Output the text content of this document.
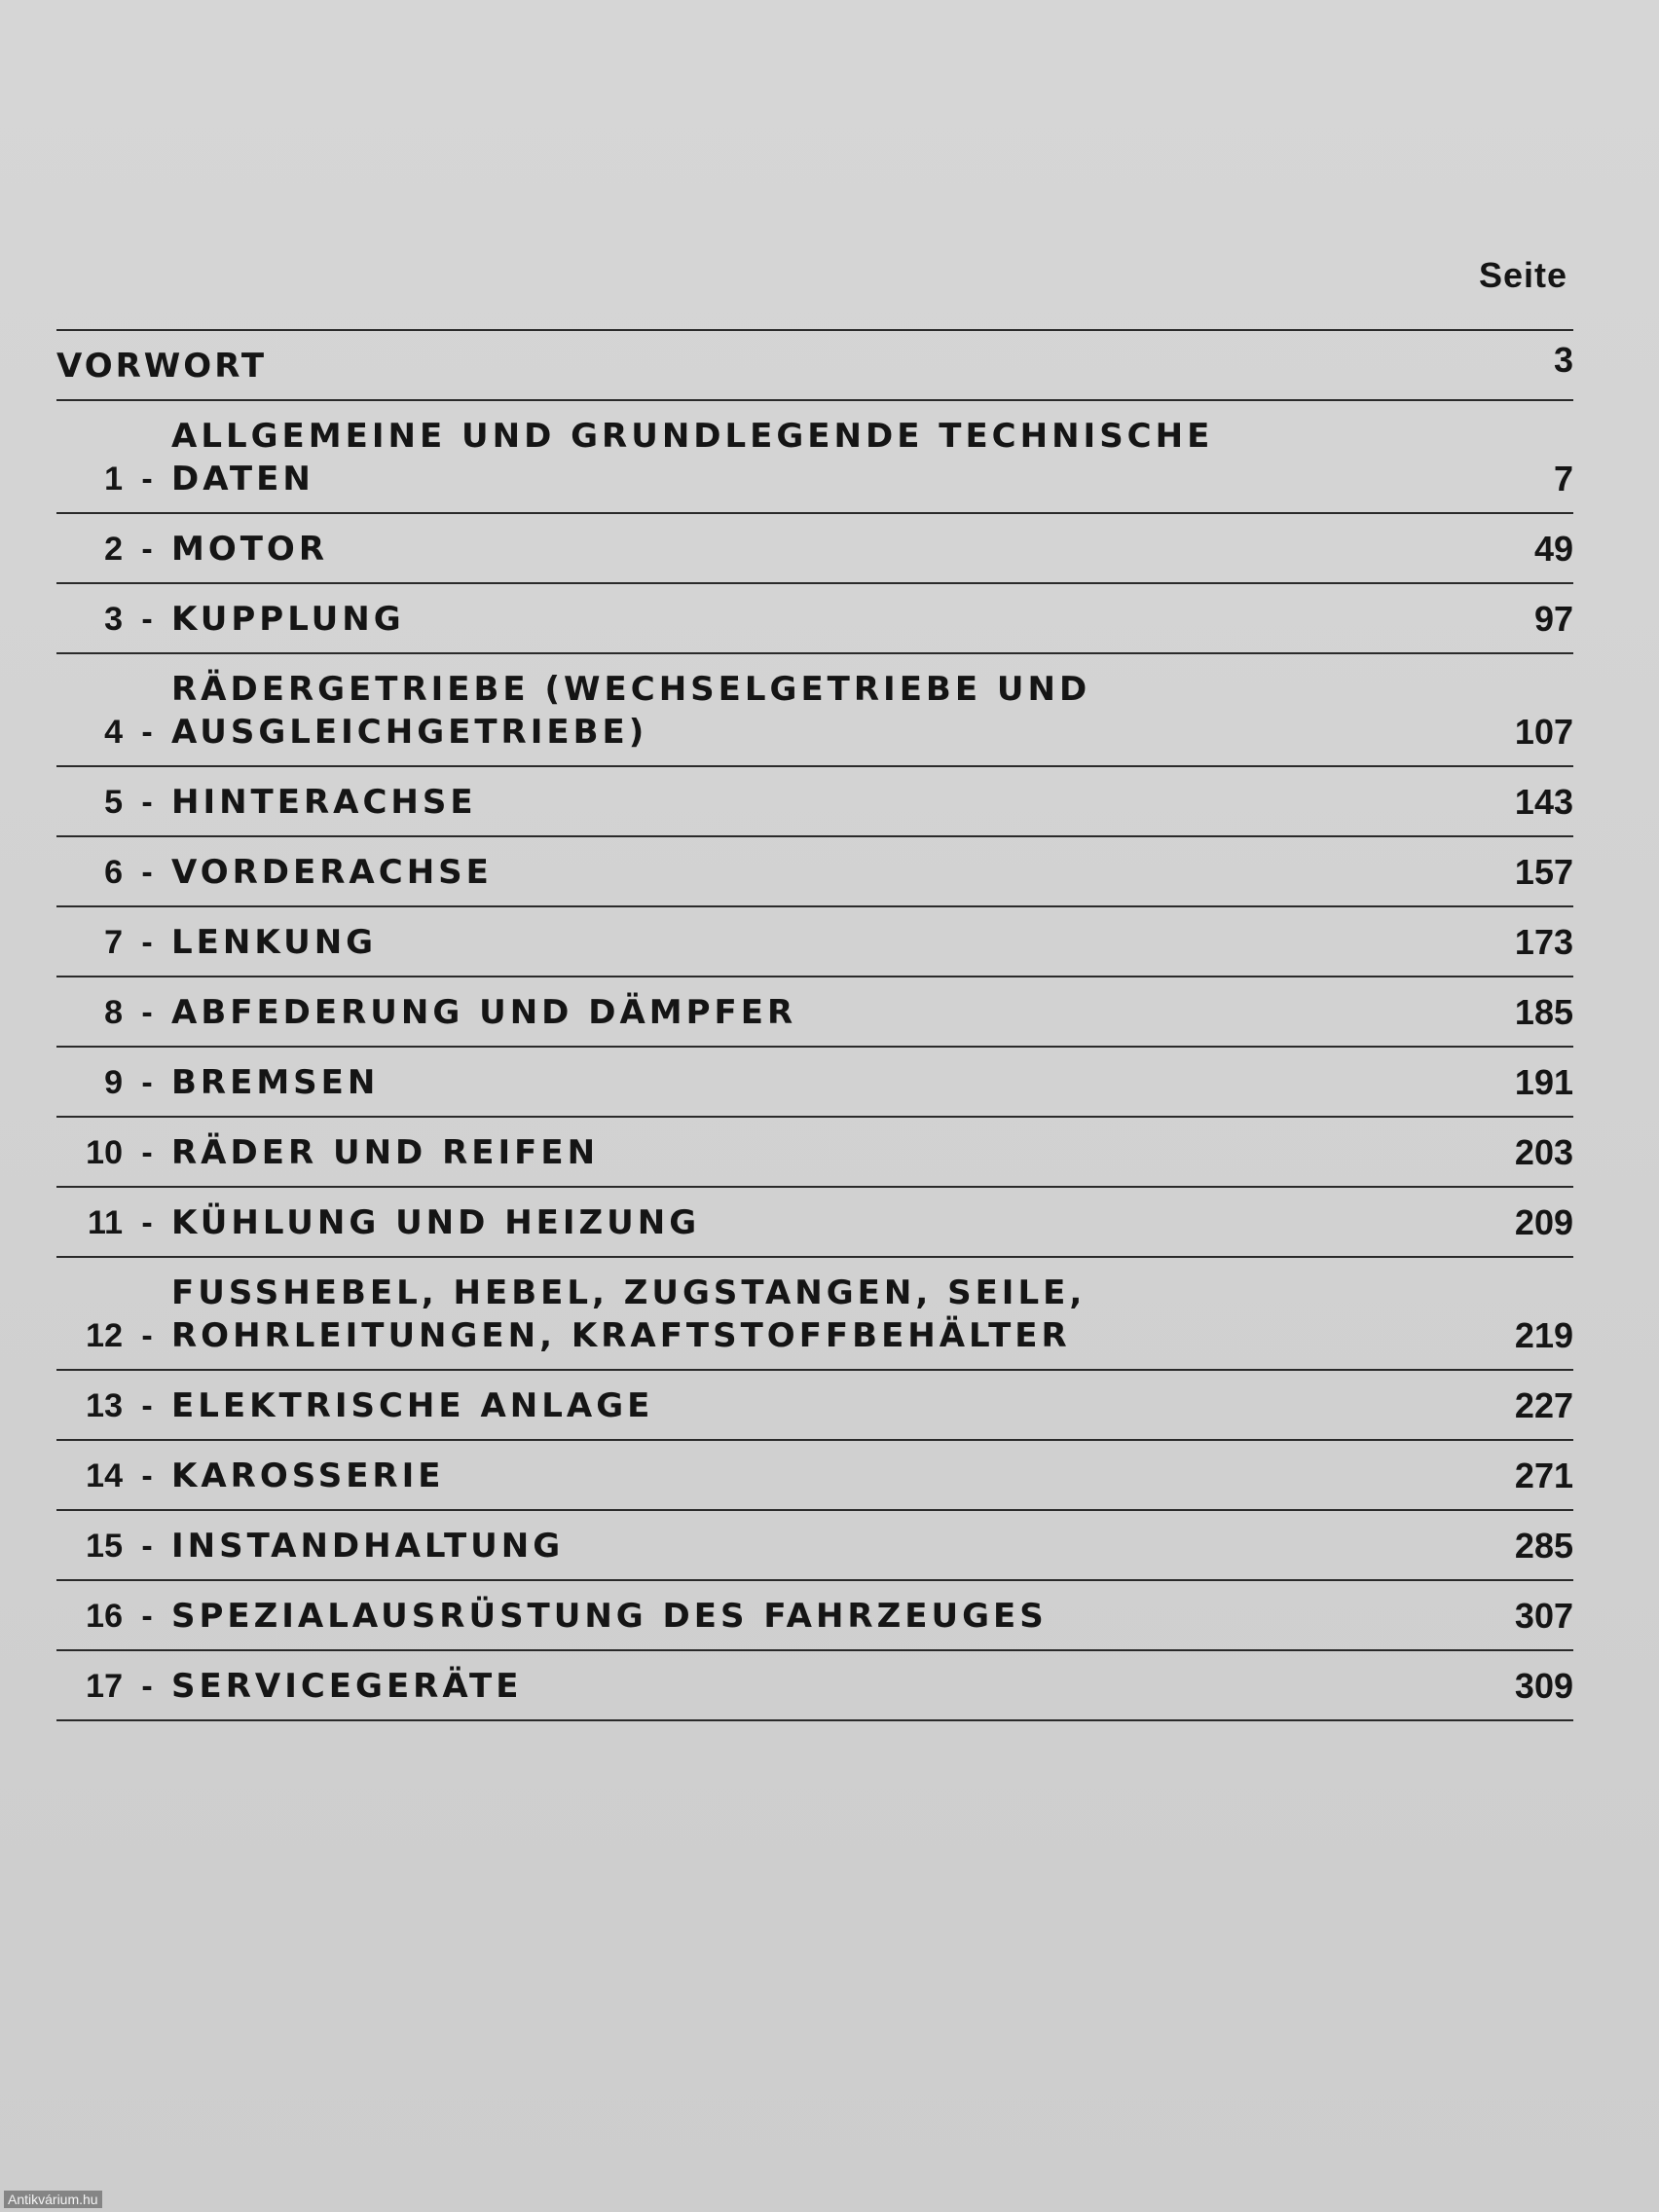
Seite
VORWORT	3
1 -
ALLGEMEINE UND GRUNDLEGENDE TECHNISCHE
DATEN	7
2 - MOTOR	49
3 - KUPPLUNG	97
4 -
RÄDERGETRIEBE (WECHSELGETRIEBE UND
AUSGLEICHGETRIEBE)	107
5 - HINTERACHSE	143
6 - VORDERACHSE	157
7 - LENKUNG	173
8 - ABFEDERUNG UND DÄMPFER	185
9 - BREMSEN	191
10 - RÄDER UND REIFEN	203
11 - KÜHLUNG UND HEIZUNG	209
12 -
FUSSHEBEL, HEBEL, ZUGSTANGEN, SEILE,
ROHRLEITUNGEN, KRAFTSTOFFBEHÄLTER	219
13 - ELEKTRISCHE ANLAGE	227
14 - KAROSSERIE	271
15 - INSTANDHALTUNG	285
16 - SPEZIALAUSRÜSTUNG DES FAHRZEUGES	307
17 - SERVICEGERÄTE	309
Antikvárium.hu
